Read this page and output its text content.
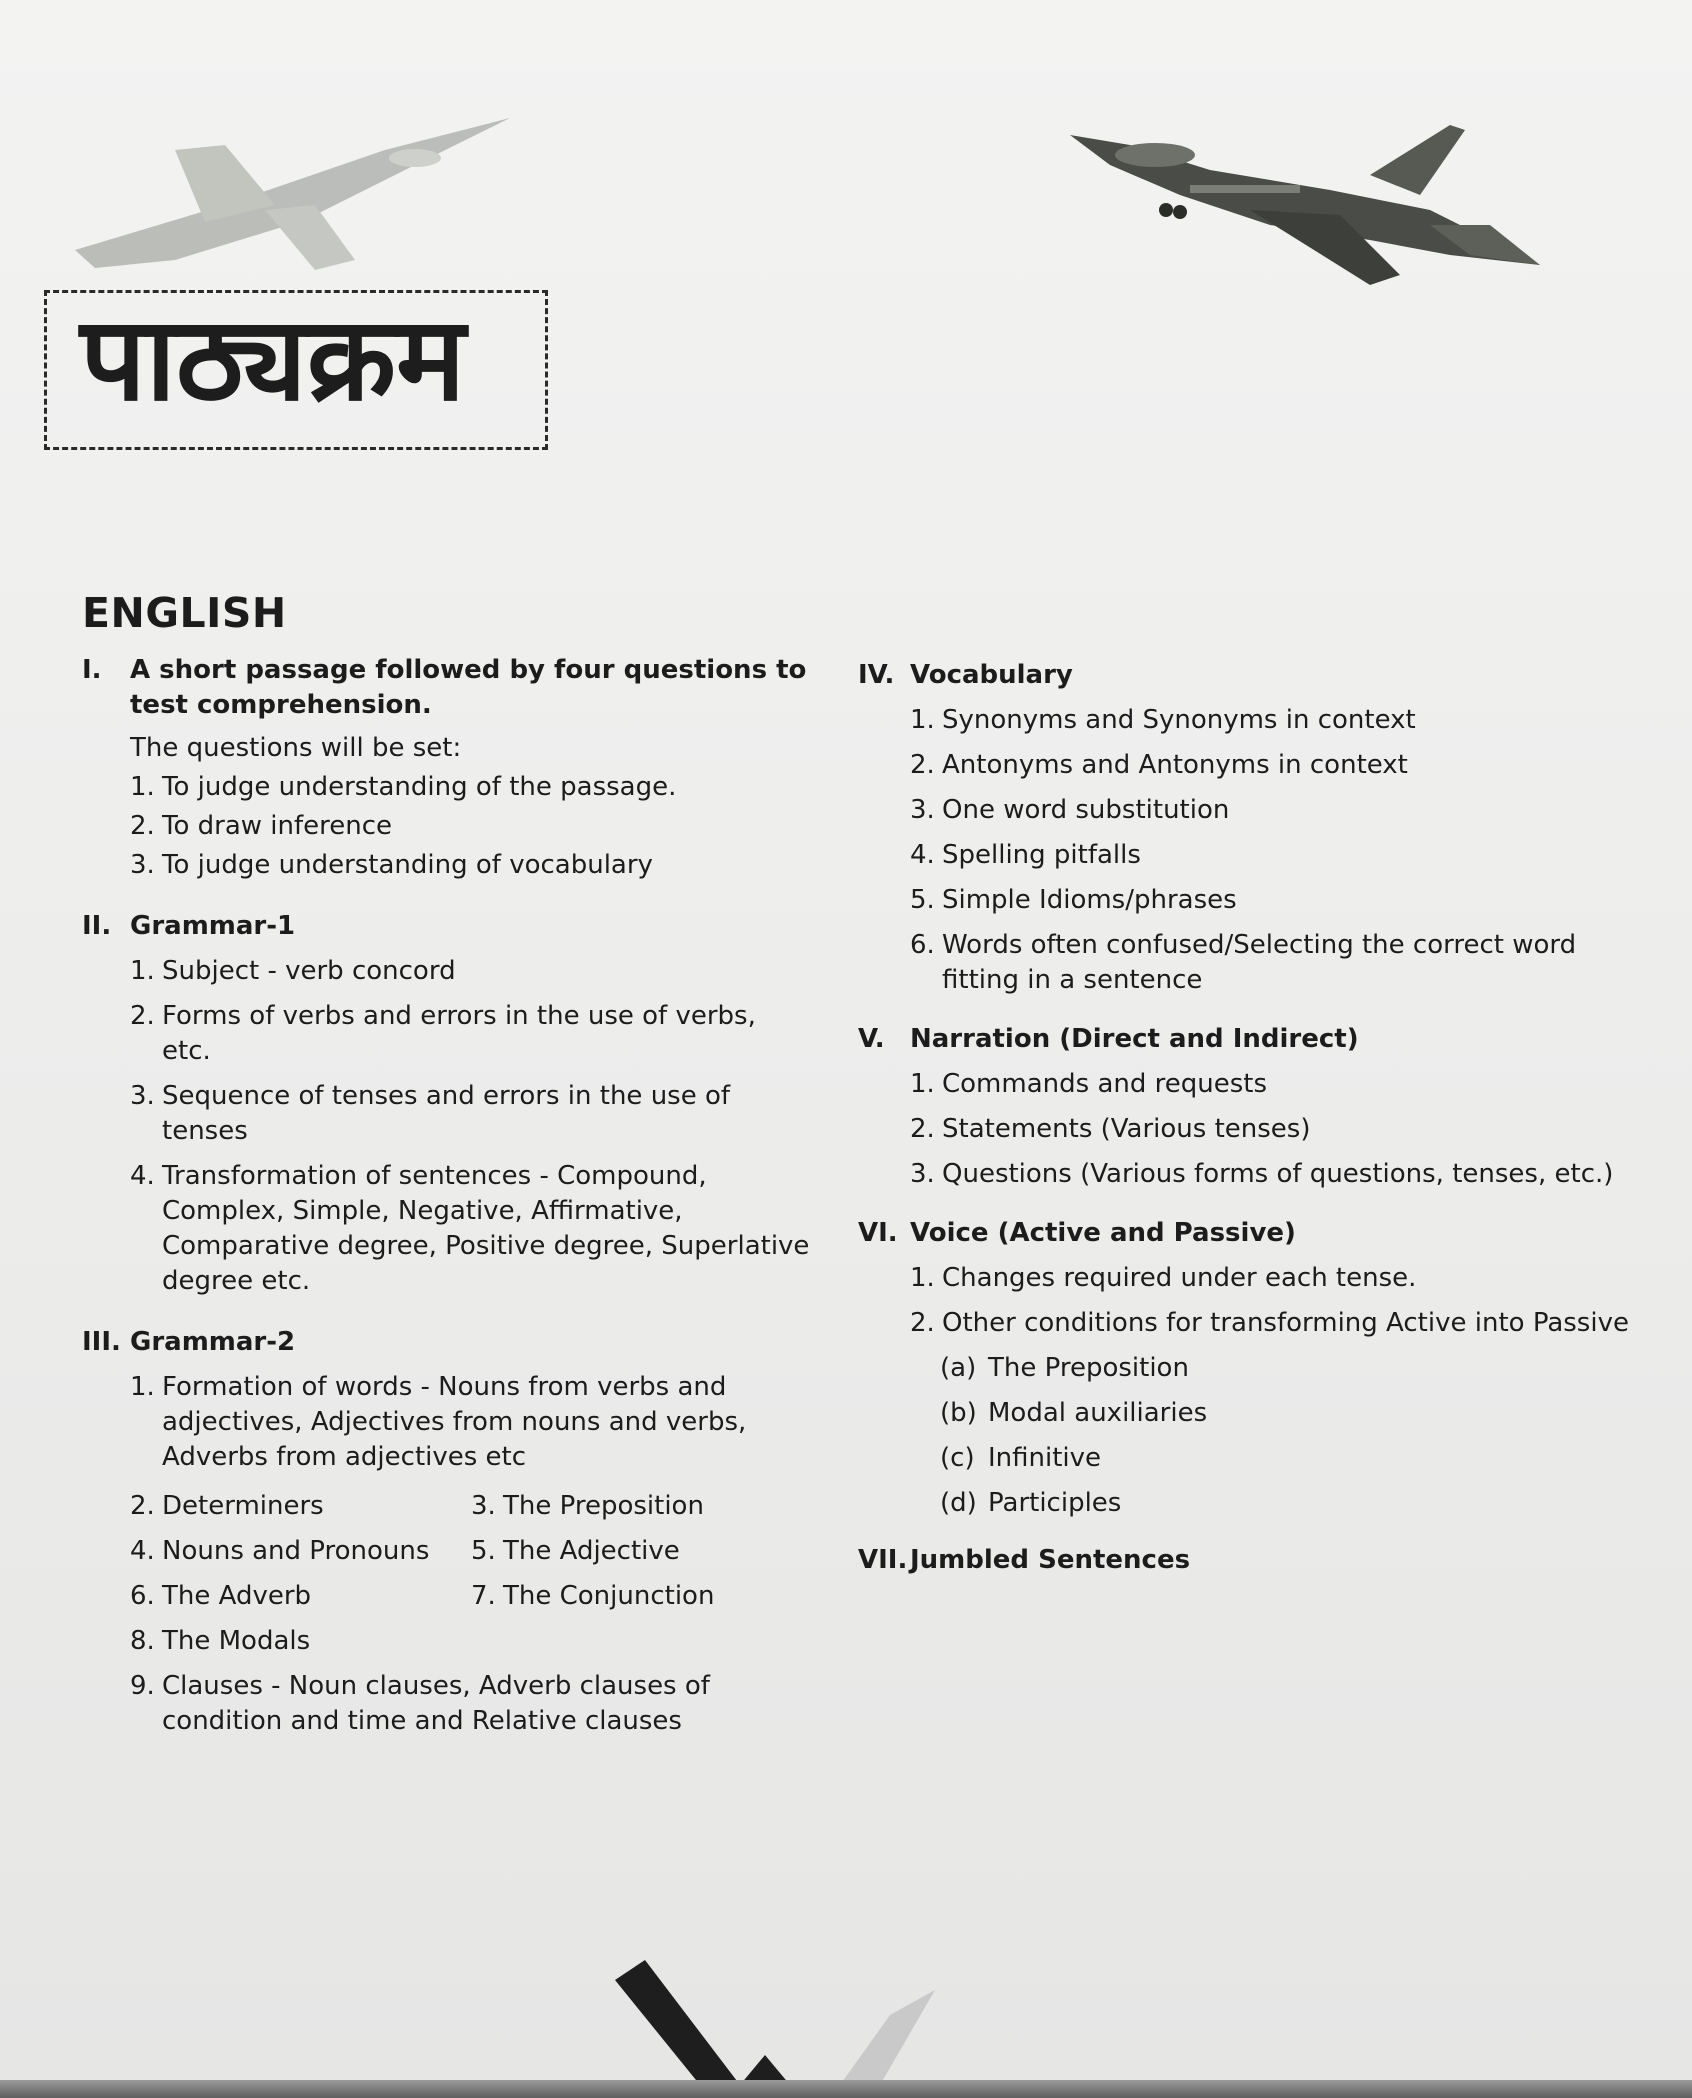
पाठ्यक्रम
ENGLISH
I.	A short passage followed by four questions to test comprehension.
The questions will be set:
1. To judge understanding of the passage.
2. To draw inference
3. To judge understanding of vocabulary
II. Grammar-1
1. Subject - verb concord
2. Forms of verbs and errors in the use of verbs, etc.
3. Sequence of tenses and errors in the use of tenses
4. Transformation of sentences - Compound, Complex, Simple, Negative, Affirmative, Comparative degree, Positive degree, Superlative degree etc.
III. Grammar-2
1. Formation of words - Nouns from verbs and adjectives, Adjectives from nouns and verbs, Adverbs from adjectives etc
2. Determiners	3. The Preposition
4. Nouns and Pronouns 5. The Adjective
6. The Adverb	7. The Conjunction
8. The Modals
9. Clauses - Noun clauses, Adverb clauses of condition and time and Relative clauses
IV. Vocabulary
1. Synonyms and Synonyms in context
2. Antonyms and Antonyms in context
3. One word substitution
4. Spelling pitfalls
5. Simple Idioms/phrases
6. Words often confused/Selecting the correct word fitting in a sentence
V. Narration (Direct and Indirect)
1. Commands and requests
2. Statements (Various tenses)
3. Questions (Various forms of questions, tenses, etc.)
VI. Voice (Active and Passive)
1. Changes required under each tense.
2. Other conditions for transforming Active into Passive
(a) The Preposition
(b) Modal auxiliaries
(c) Infinitive
(d) Participles
VII. Jumbled Sentences
